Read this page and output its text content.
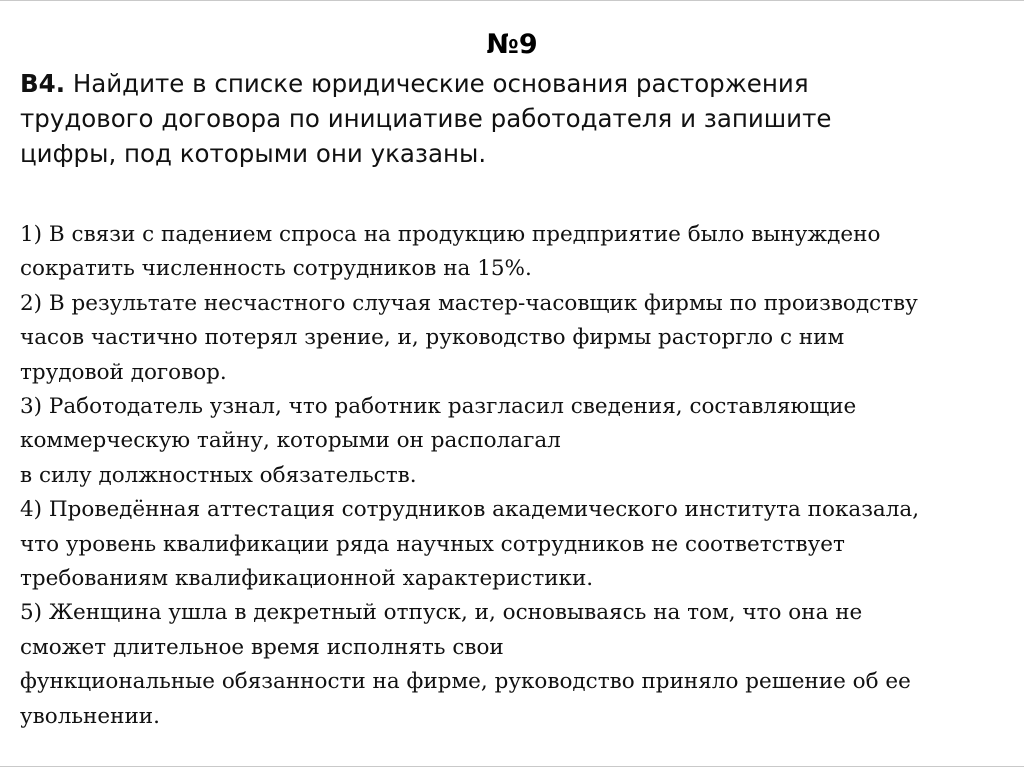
№9

В4. Найдите в списке юридические основания расторжения
трудового договора по инициативе работодателя и запишите
цифры, под которыми они указаны.

1) В связи с падением спроса на продукцию предприятие было вынуждено
сократить численность сотрудников на 15%.
2) В результате несчастного случая мастер-часовщик фирмы по производству
часов частично потерял зрение, и, руководство фирмы расторгло с ним
трудовой договор.
3) Работодатель узнал, что работник разгласил сведения, составляющие
коммерческую тайну, которыми он располагал
в силу должностных обязательств.
4) Проведённая аттестация сотрудников академического института показала,
что уровень квалификации ряда научных сотрудников не соответствует
требованиям квалификационной характеристики.
5) Женщина ушла в декретный отпуск, и, основываясь на том, что она не
сможет длительное время исполнять свои
функциональные обязанности на фирме, руководство приняло решение об ее
увольнении.
